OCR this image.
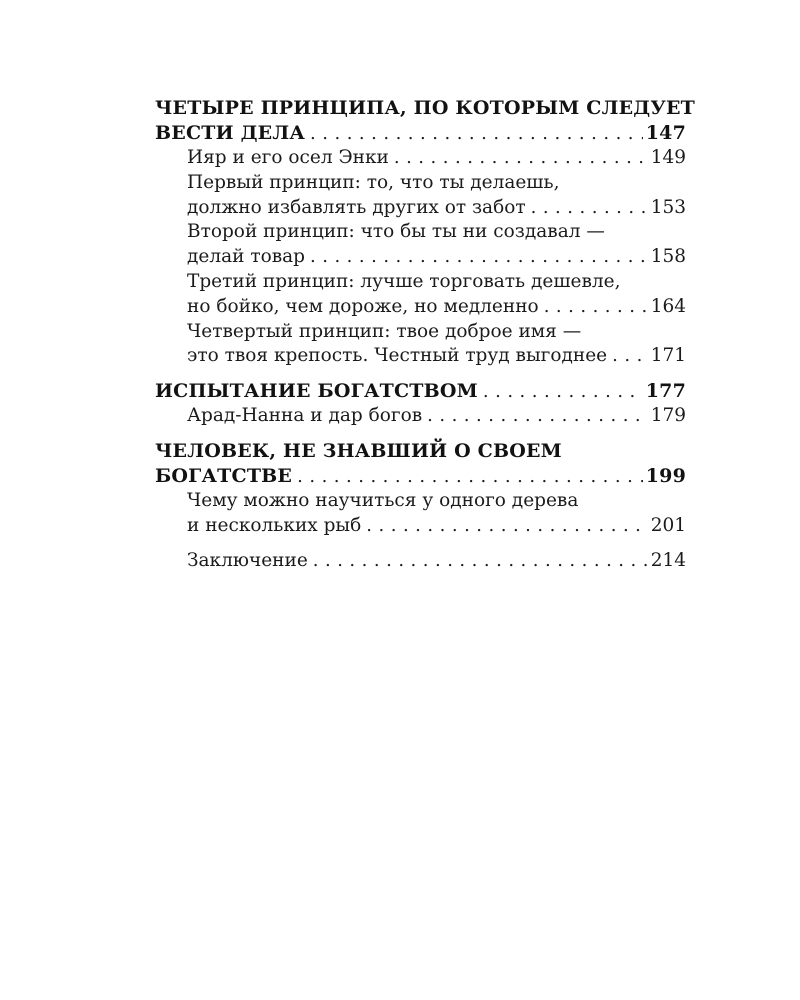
ЧЕТЫРЕ ПРИНЦИПА, ПО КОТОРЫМ СЛЕДУЕТ
ВЕСТИ ДЕЛА .....	147
Ияр и его осел Энки .....	149
Первый принцип: то, что ты делаешь,
должно избавлять других от забот .....	153
Второй принцип: что бы ты ни создавал —
делай товар .....	158
Третий принцип: лучше торговать дешевле,
но бойко, чем дороже, но медленно .....	164
Четвертый принцип: твое доброе имя —
это твоя крепость. Честный труд выгоднее ..... 171
ИСПЫТАНИЕ БОГАТСТВОМ .....	177
Арад-Нанна и дар богов .....	179
ЧЕЛОВЕК, НЕ ЗНАВШИЙ О СВОЕМ
БОГАТСТВЕ .....	199
Чему можно научиться у одного дерева
и нескольких рыб .....	201
Заключение .....	214
